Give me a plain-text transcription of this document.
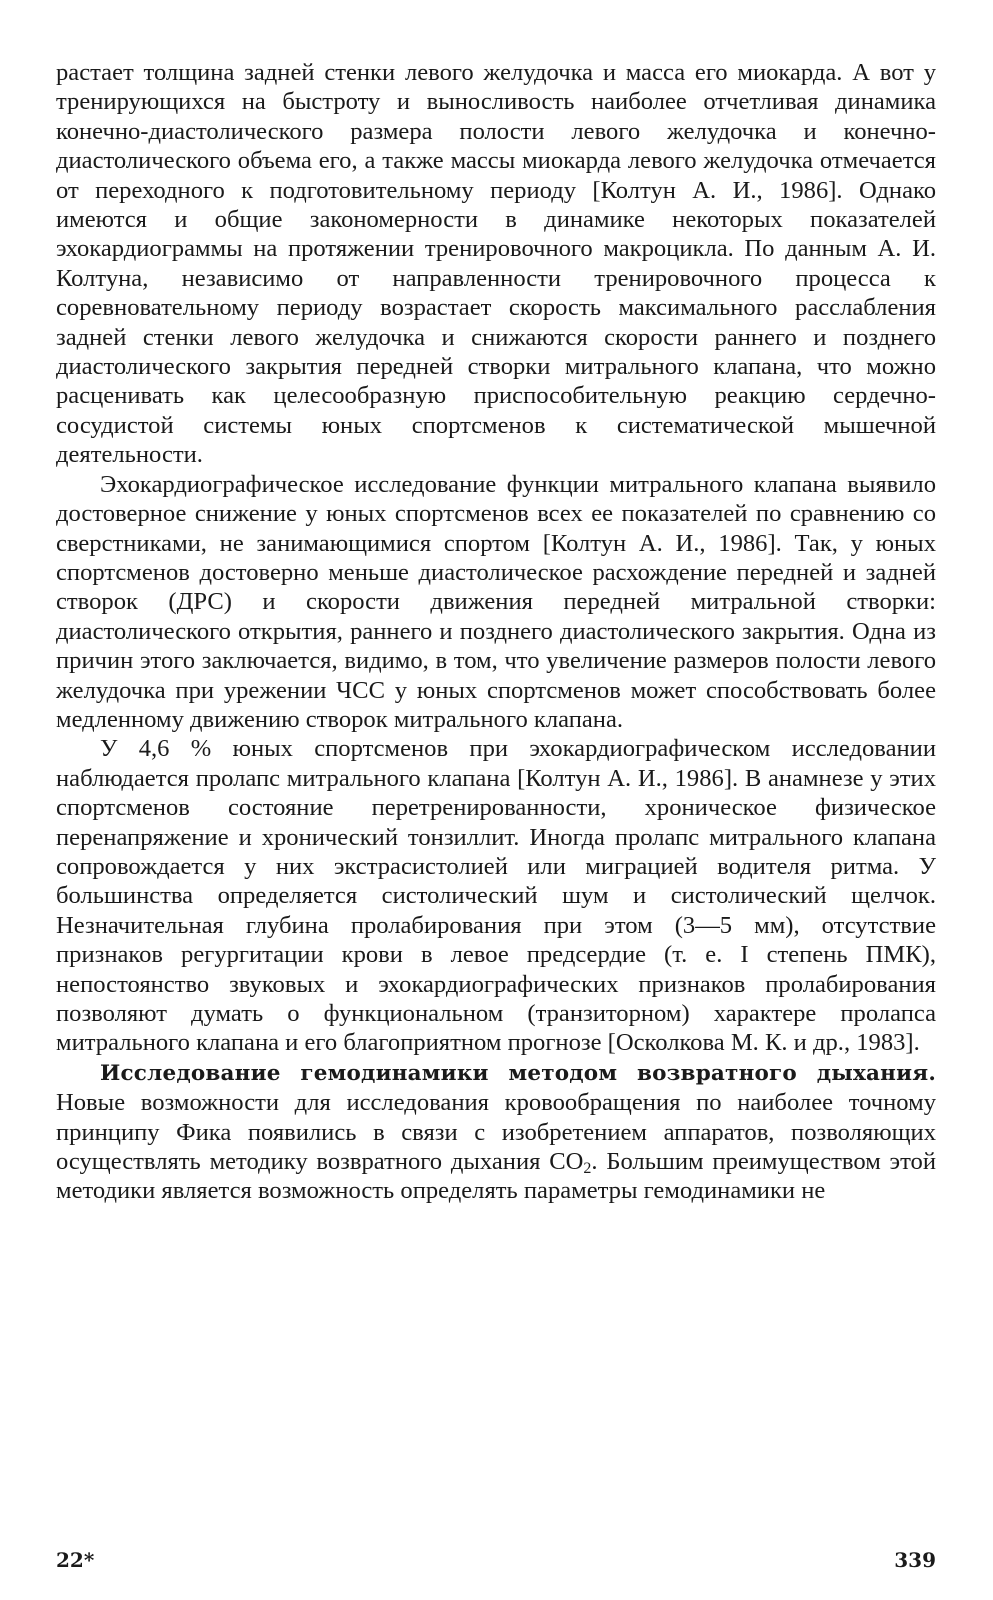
растает толщина задней стенки левого желудочка и масса его миокарда. А вот у тренирующихся на быстроту и выносливость наиболее отчетливая динамика конечно-диастолического размера полости левого желудочка и конечно-диастолического объема его, а также массы миокарда левого желудочка отмечается от переходного к подготовительному периоду [Колтун А. И., 1986]. Однако имеются и общие закономерности в динамике некоторых показателей эхокардиограммы на протяжении тренировочного макроцикла. По данным А. И. Колтуна, независимо от направленности тренировочного процесса к соревновательному периоду возрастает скорость максимального расслабления задней стенки левого желудочка и снижаются скорости раннего и позднего диастолического закрытия передней створки митрального клапана, что можно расценивать как целесообразную приспособительную реакцию сердечно-сосудистой системы юных спортсменов к систематической мышечной деятельности.

Эхокардиографическое исследование функции митрального клапана выявило достоверное снижение у юных спортсменов всех ее показателей по сравнению со сверстниками, не занимающимися спортом [Колтун А. И., 1986]. Так, у юных спортсменов достоверно меньше диастолическое расхождение передней и задней створок (ДРС) и скорости движения передней митральной створки: диастолического открытия, раннего и позднего диастолического закрытия. Одна из причин этого заключается, видимо, в том, что увеличение размеров полости левого желудочка при урежении ЧСС у юных спортсменов может способствовать более медленному движению створок митрального клапана.

У 4,6 % юных спортсменов при эхокардиографическом исследовании наблюдается пролапс митрального клапана [Колтун А. И., 1986]. В анамнезе у этих спортсменов состояние перетренированности, хроническое физическое перенапряжение и хронический тонзиллит. Иногда пролапс митрального клапана сопровождается у них экстрасистолией или миграцией водителя ритма. У большинства определяется систолический шум и систолический щелчок. Незначительная глубина пролабирования при этом (3—5 мм), отсутствие признаков регургитации крови в левое предсердие (т. е. I степень ПМК), непостоянство звуковых и эхокардиографических признаков пролабирования позволяют думать о функциональном (транзиторном) характере пролапса митрального клапана и его благоприятном прогнозе [Осколкова М. К. и др., 1983].

Исследование гемодинамики методом возвратного дыхания. Новые возможности для исследования кровообращения по наиболее точному принципу Фика появились в связи с изобретением аппаратов, позволяющих осуществлять методику возвратного дыхания $CO_2$. Большим преимуществом этой методики является возможность определять параметры гемодинамики не

22*	339
